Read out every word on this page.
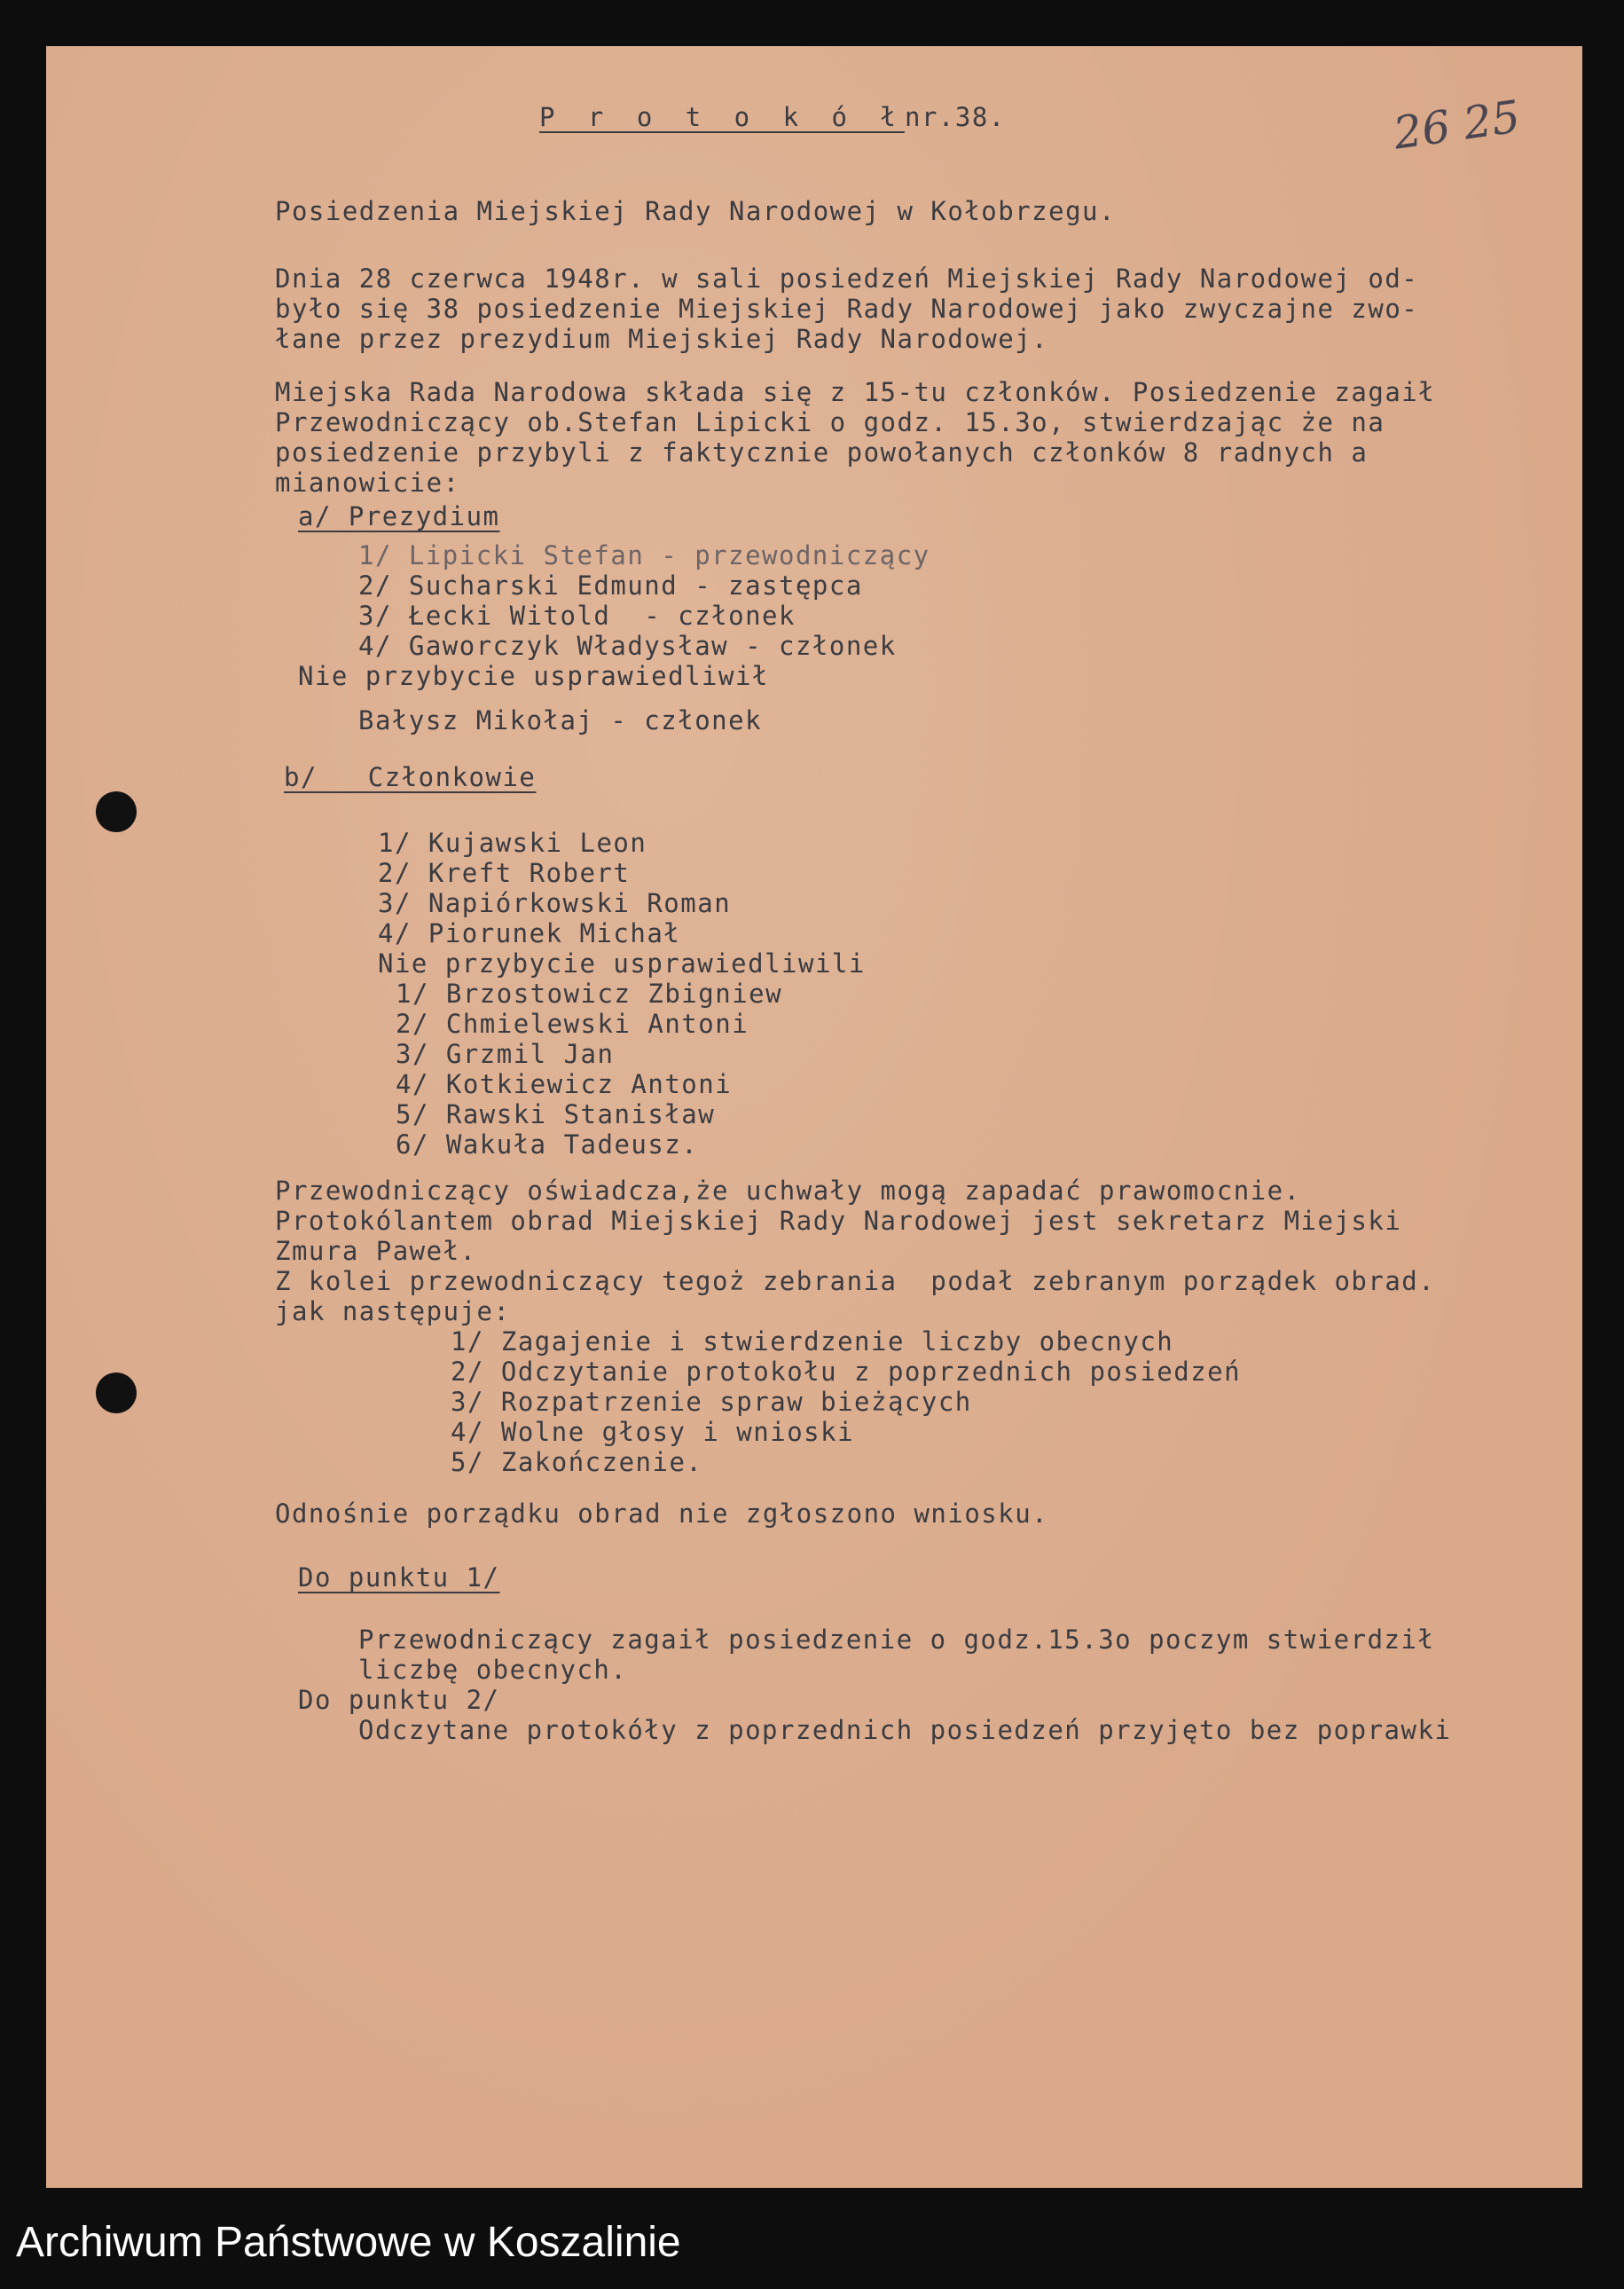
26 25
P r o t o k ó ł nr.38.
Posiedzenia Miejskiej Rady Narodowej w Kołobrzegu.
Dnia 28 czerwca 1948r. w sali posiedzeń Miejskiej Rady Narodowej od-
było się 38 posiedzenie Miejskiej Rady Narodowej jako zwyczajne zwo-
łane przez prezydium Miejskiej Rady Narodowej.
Miejska Rada Narodowa składa się z 15-tu członków. Posiedzenie zagaił
Przewodniczący ob.Stefan Lipicki o godz. 15.3o, stwierdzając że na
posiedzenie przybyli z faktycznie powołanych członków 8 radnych a
mianowicie:
a/ Prezydium
1/ Lipicki Stefan - przewodniczący
2/ Sucharski Edmund - zastępca
3/ Łecki Witold  - członek
4/ Gaworczyk Władysław - członek
Nie przybycie usprawiedliwił
Bałysz Mikołaj - członek
b/   Członkowie
1/ Kujawski Leon
2/ Kreft Robert
3/ Napiórkowski Roman
4/ Piorunek Michał
Nie przybycie usprawiedliwili
1/ Brzostowicz Zbigniew
2/ Chmielewski Antoni
3/ Grzmil Jan
4/ Kotkiewicz Antoni
5/ Rawski Stanisław
6/ Wakuła Tadeusz.
Przewodniczący oświadcza,że uchwały mogą zapadać prawomocnie.
Protokólantem obrad Miejskiej Rady Narodowej jest sekretarz Miejski
Zmura Paweł.
Z kolei przewodniczący tegoż zebrania  podał zebranym porządek obrad.
jak następuje:
1/ Zagajenie i stwierdzenie liczby obecnych
2/ Odczytanie protokołu z poprzednich posiedzeń
3/ Rozpatrzenie spraw bieżących
4/ Wolne głosy i wnioski
5/ Zakończenie.
Odnośnie porządku obrad nie zgłoszono wniosku.
Do punktu 1/
Przewodniczący zagaił posiedzenie o godz.15.3o poczym stwierdził
liczbę obecnych.
Do punktu 2/
Odczytane protokóły z poprzednich posiedzeń przyjęto bez poprawki
Archiwum Państwowe w Koszalinie
